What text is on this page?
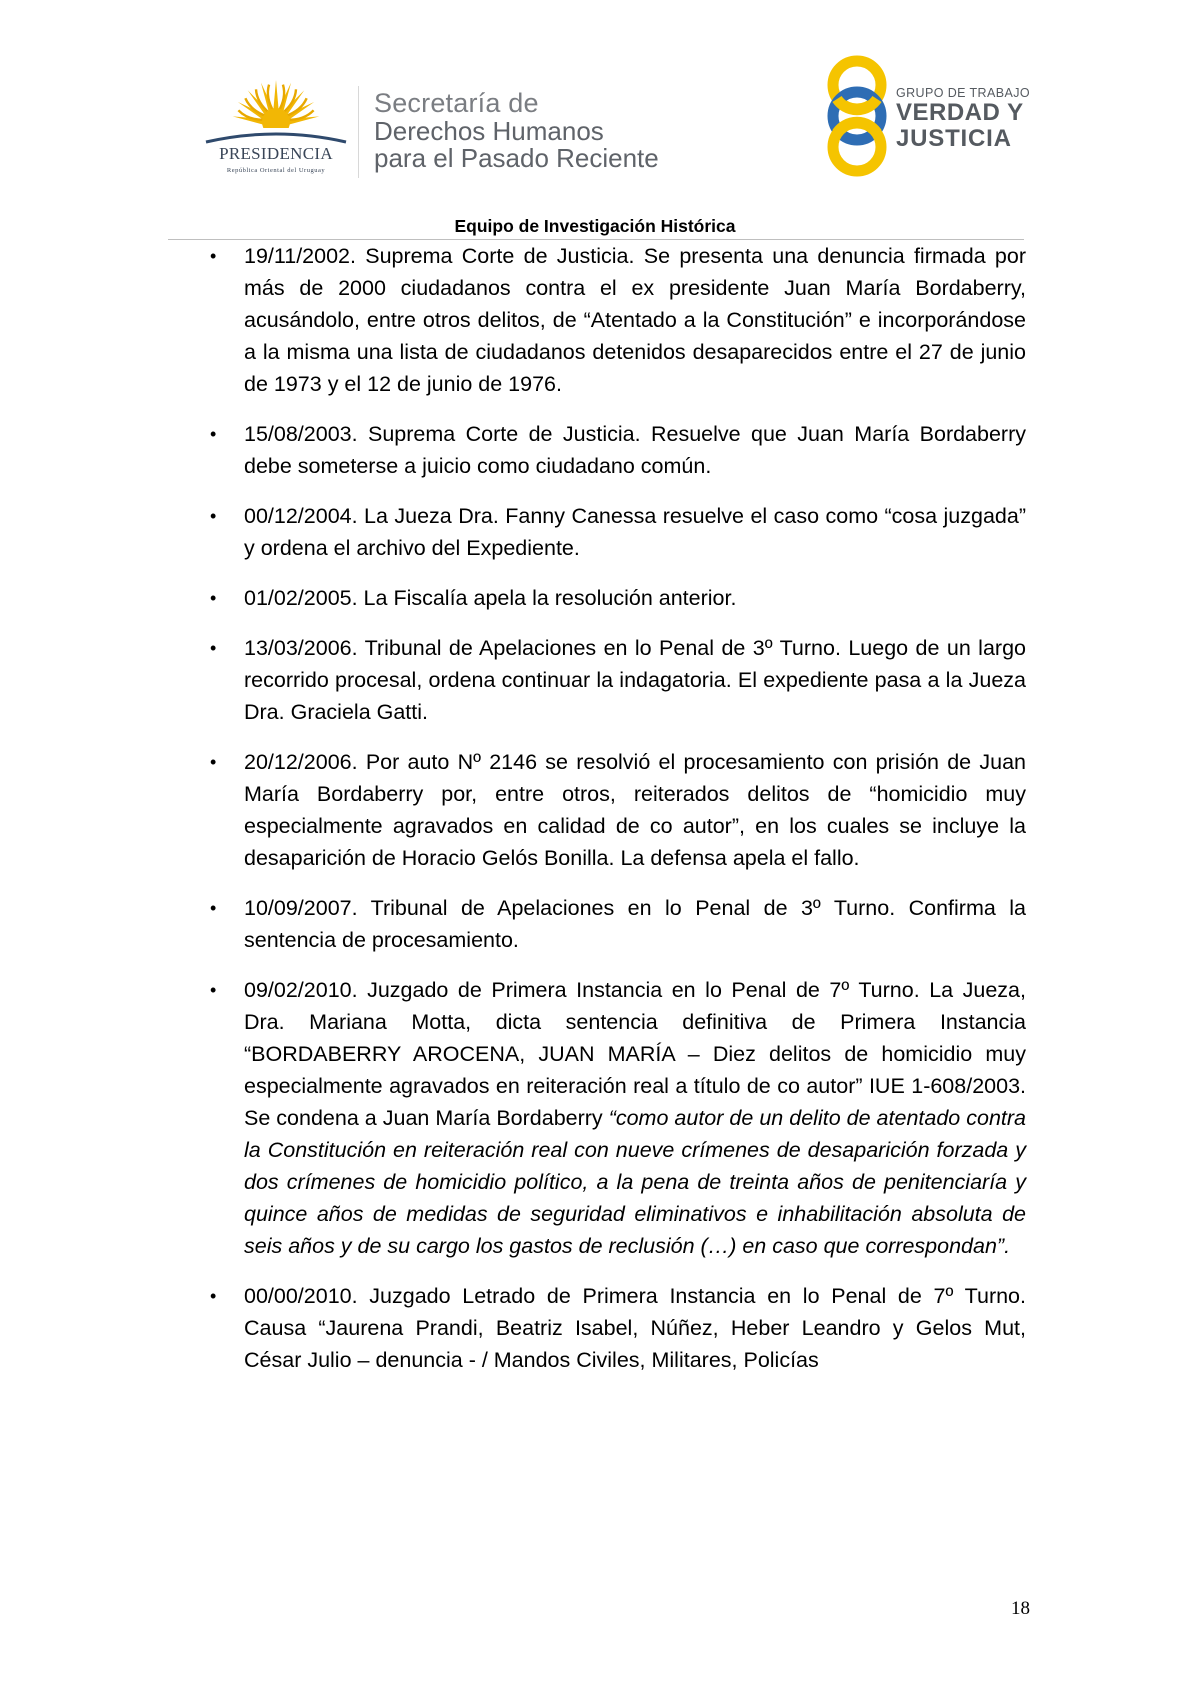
PRESIDENCIA
República Oriental del Uruguay
Secretaría de
Derechos Humanos
para el Pasado Reciente
GRUPO DE TRABAJO
VERDAD Y
JUSTICIA
Equipo de Investigación Histórica
• 19/11/2002. Suprema Corte de Justicia. Se presenta una denuncia firmada por más de 2000 ciudadanos contra el ex presidente Juan María Bordaberry, acusándolo, entre otros delitos, de “Atentado a la Constitución” e incorporándose a la misma una lista de ciudadanos detenidos desaparecidos entre el 27 de junio de 1973 y el 12 de junio de 1976.
• 15/08/2003. Suprema Corte de Justicia. Resuelve que Juan María Bordaberry debe someterse a juicio como ciudadano común.
• 00/12/2004. La Jueza Dra. Fanny Canessa resuelve el caso como “cosa juzgada” y ordena el archivo del Expediente.
• 01/02/2005. La Fiscalía apela la resolución anterior.
• 13/03/2006. Tribunal de Apelaciones en lo Penal de 3º Turno. Luego de un largo recorrido procesal, ordena continuar la indagatoria. El expediente pasa a la Jueza Dra. Graciela Gatti.
• 20/12/2006. Por auto Nº 2146 se resolvió el procesamiento con prisión de Juan María Bordaberry por, entre otros, reiterados delitos de “homicidio muy especialmente agravados en calidad de co autor”, en los cuales se incluye la desaparición de Horacio Gelós Bonilla. La defensa apela el fallo.
• 10/09/2007. Tribunal de Apelaciones en lo Penal de 3º Turno. Confirma la sentencia de procesamiento.
• 09/02/2010. Juzgado de Primera Instancia en lo Penal de 7º Turno. La Jueza, Dra. Mariana Motta, dicta sentencia definitiva de Primera Instancia “BORDABERRY AROCENA, JUAN MARÍA – Diez delitos de homicidio muy especialmente agravados en reiteración real a título de co autor” IUE 1-608/2003. Se condena a Juan María Bordaberry “como autor de un delito de atentado contra la Constitución en reiteración real con nueve crímenes de desaparición forzada y dos crímenes de homicidio político, a la pena de treinta años de penitenciaría y quince años de medidas de seguridad eliminativos e inhabilitación absoluta de seis años y de su cargo los gastos de reclusión (…) en caso que correspondan”.
• 00/00/2010. Juzgado Letrado de Primera Instancia en lo Penal de 7º Turno. Causa “Jaurena Prandi, Beatriz Isabel, Núñez, Heber Leandro y Gelos Mut, César Julio – denuncia - / Mandos Civiles, Militares, Policías
18
